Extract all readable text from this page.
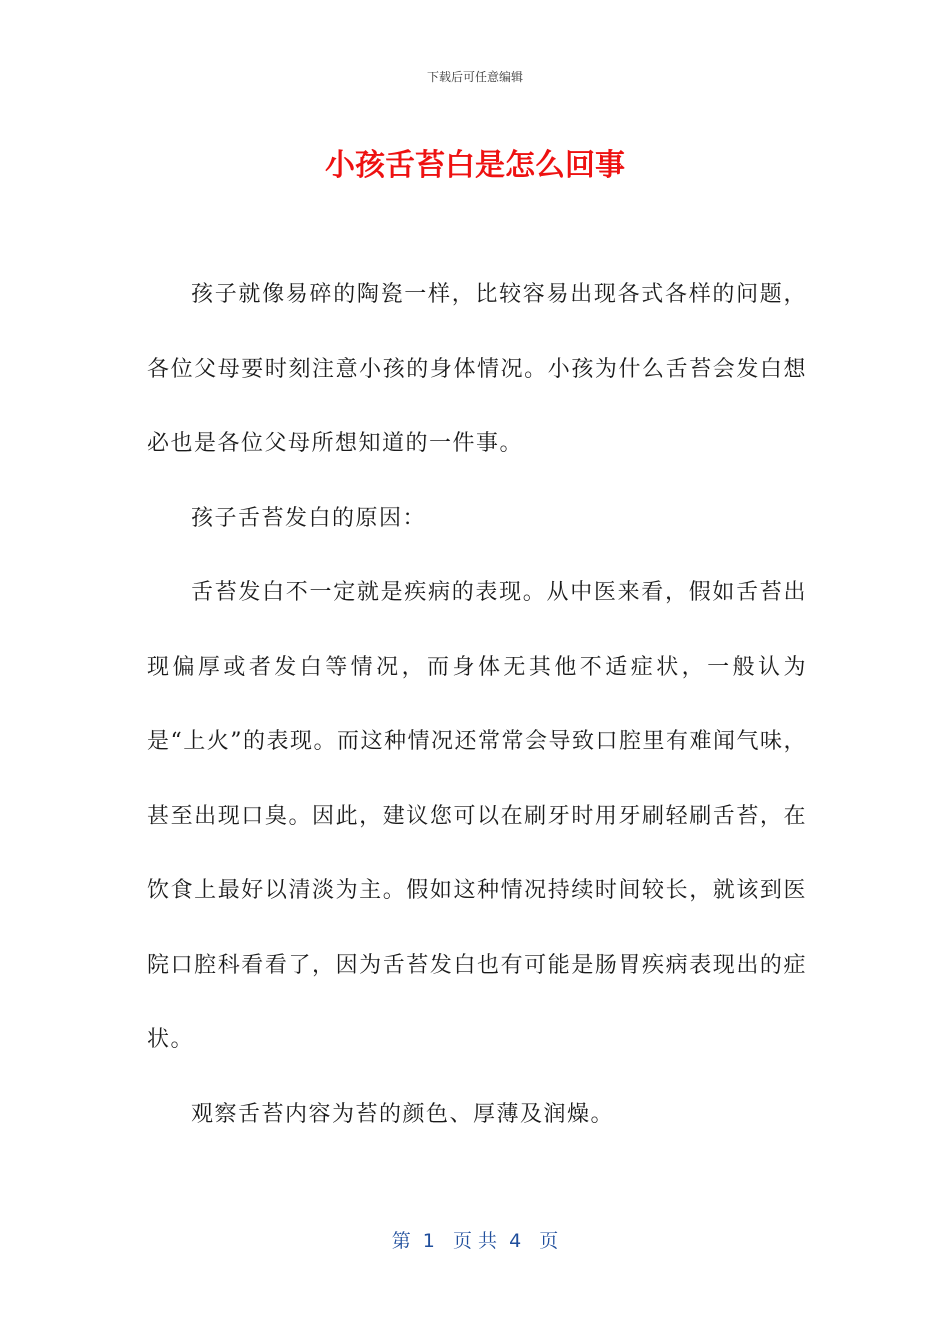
下载后可任意编辑
小孩舌苔白是怎么回事

孩子就像易碎的陶瓷一样，比较容易出现各式各样的问题，各位父母要时刻注意小孩的身体情况。小孩为什么舌苔会发白想必也是各位父母所想知道的一件事。

孩子舌苔发白的原因：

舌苔发白不一定就是疾病的表现。从中医来看，假如舌苔出现偏厚或者发白等情况，而身体无其他不适症状，一般认为是“上火”的表现。而这种情况还常常会导致口腔里有难闻气味，甚至出现口臭。因此，建议您可以在刷牙时用牙刷轻刷舌苔，在饮食上最好以清淡为主。假如这种情况持续时间较长，就该到医院口腔科看看了，因为舌苔发白也有可能是肠胃疾病表现出的症状。

观察舌苔内容为苔的颜色、厚薄及润燥。

第  1   页 共  4   页
